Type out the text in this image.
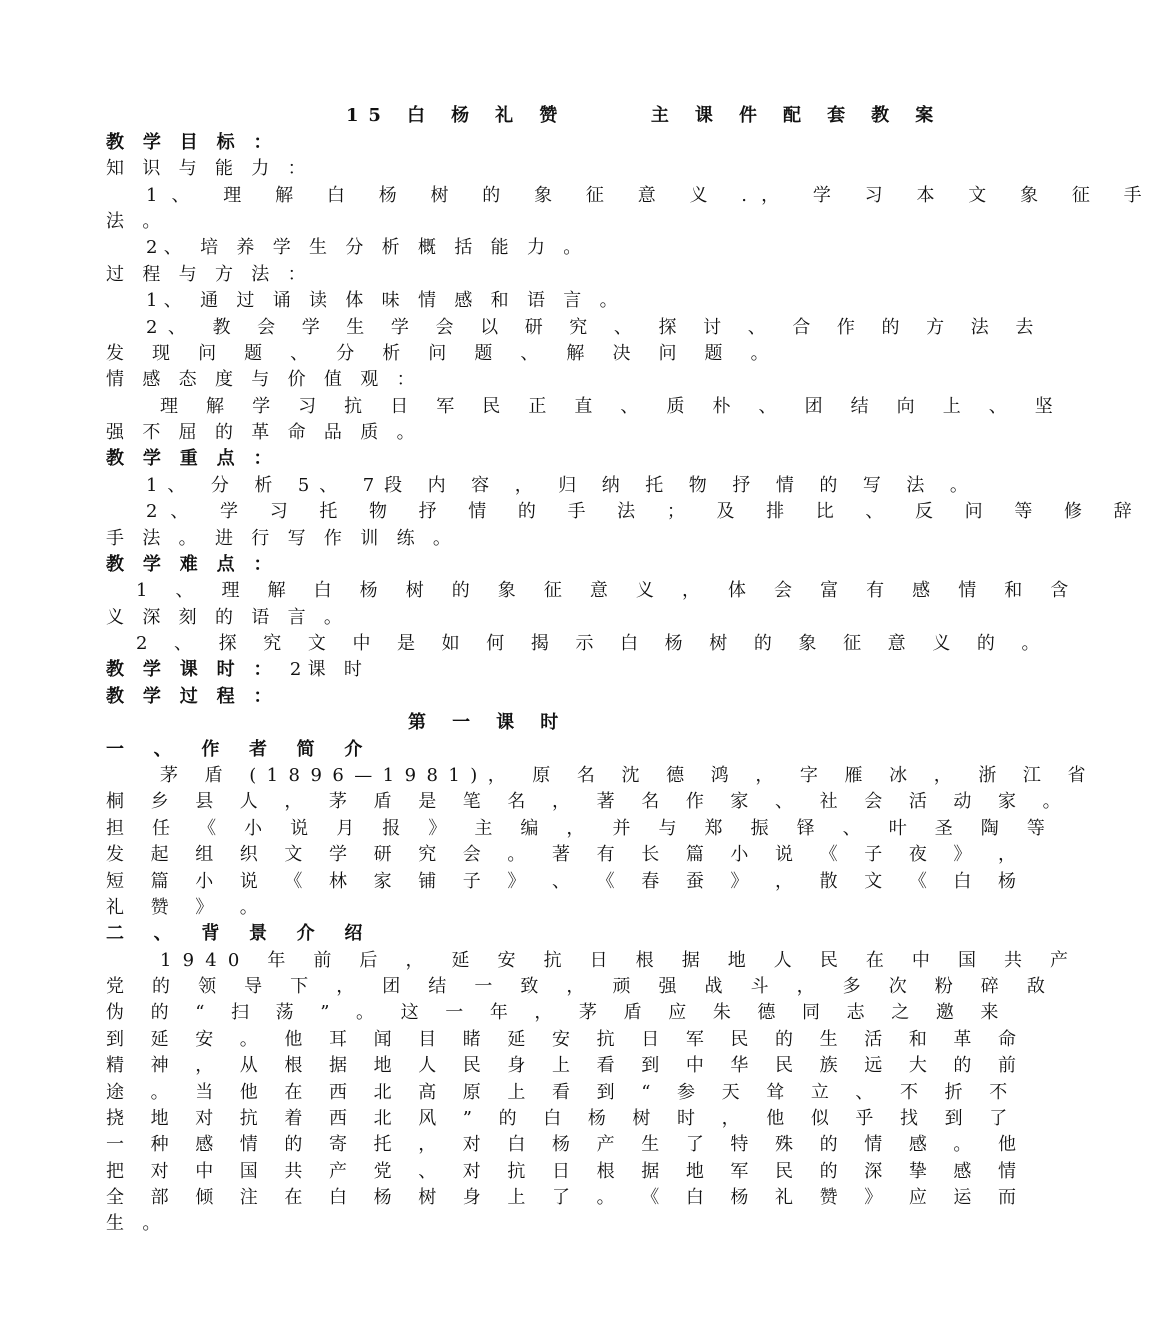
15 白 杨 礼 赞　　　主 课 件 配 套 教 案
教 学 目 标 ：
知 识 与 能 力 ：
1、 理 解 白 杨 树 的 象 征 意 义 .， 学 习 本 文 象 征 手
法 。
2、 培 养 学 生 分 析 概 括 能 力 。
过 程 与 方 法 ：
1、 通 过 诵 读 体 味 情 感 和 语 言 。
2、 教 会 学 生 学 会 以 研 究 、 探 讨 、 合 作 的 方 法 去
发 现 问 题 、 分 析 问 题 、 解 决 问 题 。
情 感 态 度 与 价 值 观 ：
理 解 学 习 抗 日 军 民 正 直 、 质 朴 、 团 结 向 上 、 坚
强 不 屈 的 革 命 品 质 。
教 学 重 点 ：
1、 分 析 5、 7段 内 容 ， 归 纳 托 物 抒 情 的 写 法 。
2、 学 习 托 物 抒 情 的 手 法 ； 及 排 比 、 反 问 等 修 辞
手 法 。 进 行 写 作 训 练 。
教 学 难 点 ：
1 、 理 解 白 杨 树 的 象 征 意 义 ， 体 会 富 有 感 情 和 含
义 深 刻 的 语 言 。
2 、 探 究 文 中 是 如 何 揭 示 白 杨 树 的 象 征 意 义 的 。
教 学 课 时 ： 2课 时
教 学 过 程 ：
第 一 课 时
一 、 作 者 简 介
茅 盾 (1896—1981)， 原 名 沈 德 鸿 ， 字 雁 冰 ， 浙 江 省
桐 乡 县 人 ， 茅 盾 是 笔 名 ， 著 名 作 家 、 社 会 活 动 家 。
担 任 《 小 说 月 报 》 主 编 ， 并 与 郑 振 铎 、 叶 圣 陶 等
发 起 组 织 文 学 研 究 会 。 著 有 长 篇 小 说 《 子 夜 》 ，
短 篇 小 说 《 林 家 铺 子 》 、 《 春 蚕 》 ， 散 文 《 白 杨
礼 赞 》 。
二 、 背 景 介 绍
1940 年 前 后 ， 延 安 抗 日 根 据 地 人 民 在 中 国 共 产
党 的 领 导 下 ， 团 结 一 致 ， 顽 强 战 斗 ， 多 次 粉 碎 敌
伪 的 “ 扫 荡 ” 。 这 一 年 ， 茅 盾 应 朱 德 同 志 之 邀 来
到 延 安 。 他 耳 闻 目 睹 延 安 抗 日 军 民 的 生 活 和 革 命
精 神 ， 从 根 据 地 人 民 身 上 看 到 中 华 民 族 远 大 的 前
途 。 当 他 在 西 北 高 原 上 看 到 “ 参 天 耸 立 、 不 折 不
挠 地 对 抗 着 西 北 风 ” 的 白 杨 树 时 ， 他 似 乎 找 到 了
一 种 感 情 的 寄 托 ， 对 白 杨 产 生 了 特 殊 的 情 感 。 他
把 对 中 国 共 产 党 、 对 抗 日 根 据 地 军 民 的 深 挚 感 情
全 部 倾 注 在 白 杨 树 身 上 了 。 《 白 杨 礼 赞 》 应 运 而
生 。
